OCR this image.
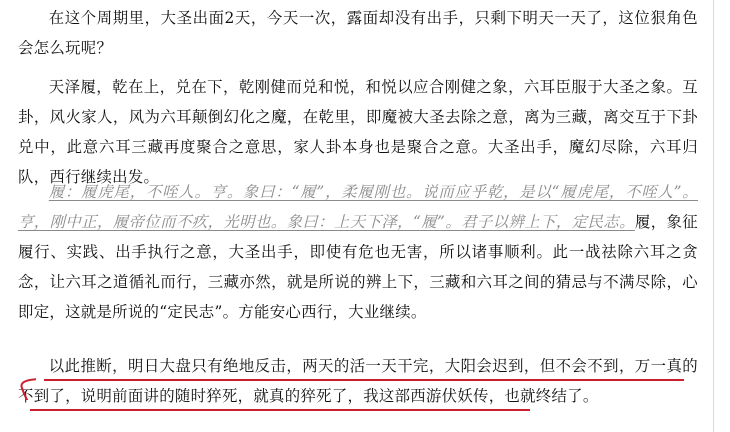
在这个周期里，大圣出面2天，今天一次，露面却没有出手，只剩下明天一天了，这位狠角色会怎么玩呢？

天泽履，乾在上，兑在下，乾刚健而兑和悦，和悦以应合刚健之象，六耳臣服于大圣之象。互卦，风火家人，风为六耳颠倒幻化之魔，在乾里，即魔被大圣去除之意，离为三藏，离交互于下卦兑中，此意六耳三藏再度聚合之意思，家人卦本身也是聚合之意。大圣出手，魔幻尽除，六耳归队，西行继续出发。

履：履虎尾，不咥人。亨。象曰：“履”，柔履刚也。说而应乎乾，是以“履虎尾，不咥人”。亨，刚中正，履帝位而不疚，光明也。象曰：上天下泽，“履”。君子以辨上下，定民志。履，象征履行、实践、出手执行之意，大圣出手，即使有危也无害，所以诸事顺利。此一战祛除六耳之贪念，让六耳之道循礼而行，三藏亦然，就是所说的辨上下，三藏和六耳之间的猜忌与不满尽除，心即定，这就是所说的“定民志”。方能安心西行，大业继续。

以此推断，明日大盘只有绝地反击，两天的活一天干完，大阳会迟到，但不会不到，万一真的不到了，说明前面讲的随时猝死，就真的猝死了，我这部西游伏妖传，也就终结了。
